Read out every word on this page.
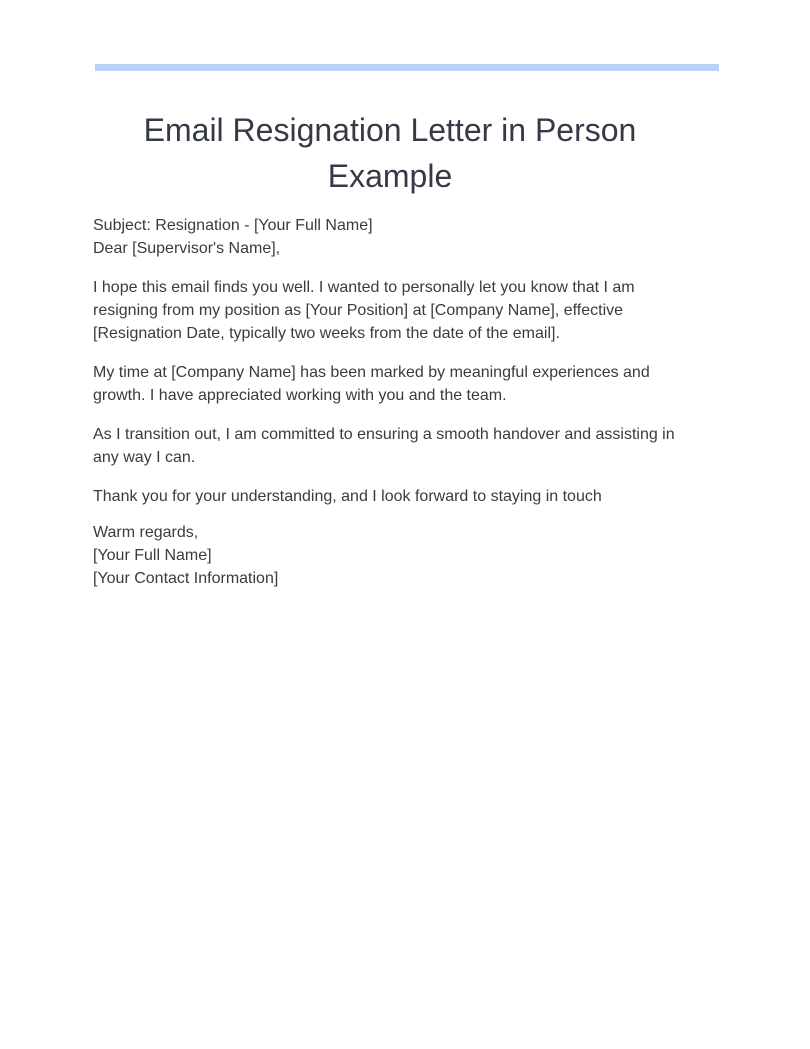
Email Resignation Letter in Person Example

Subject: Resignation - [Your Full Name]
Dear [Supervisor's Name],

I hope this email finds you well. I wanted to personally let you know that I am resigning from my position as [Your Position] at [Company Name], effective [Resignation Date, typically two weeks from the date of the email].

My time at [Company Name] has been marked by meaningful experiences and growth. I have appreciated working with you and the team.

As I transition out, I am committed to ensuring a smooth handover and assisting in any way I can.

Thank you for your understanding, and I look forward to staying in touch

Warm regards,
[Your Full Name]
[Your Contact Information]
